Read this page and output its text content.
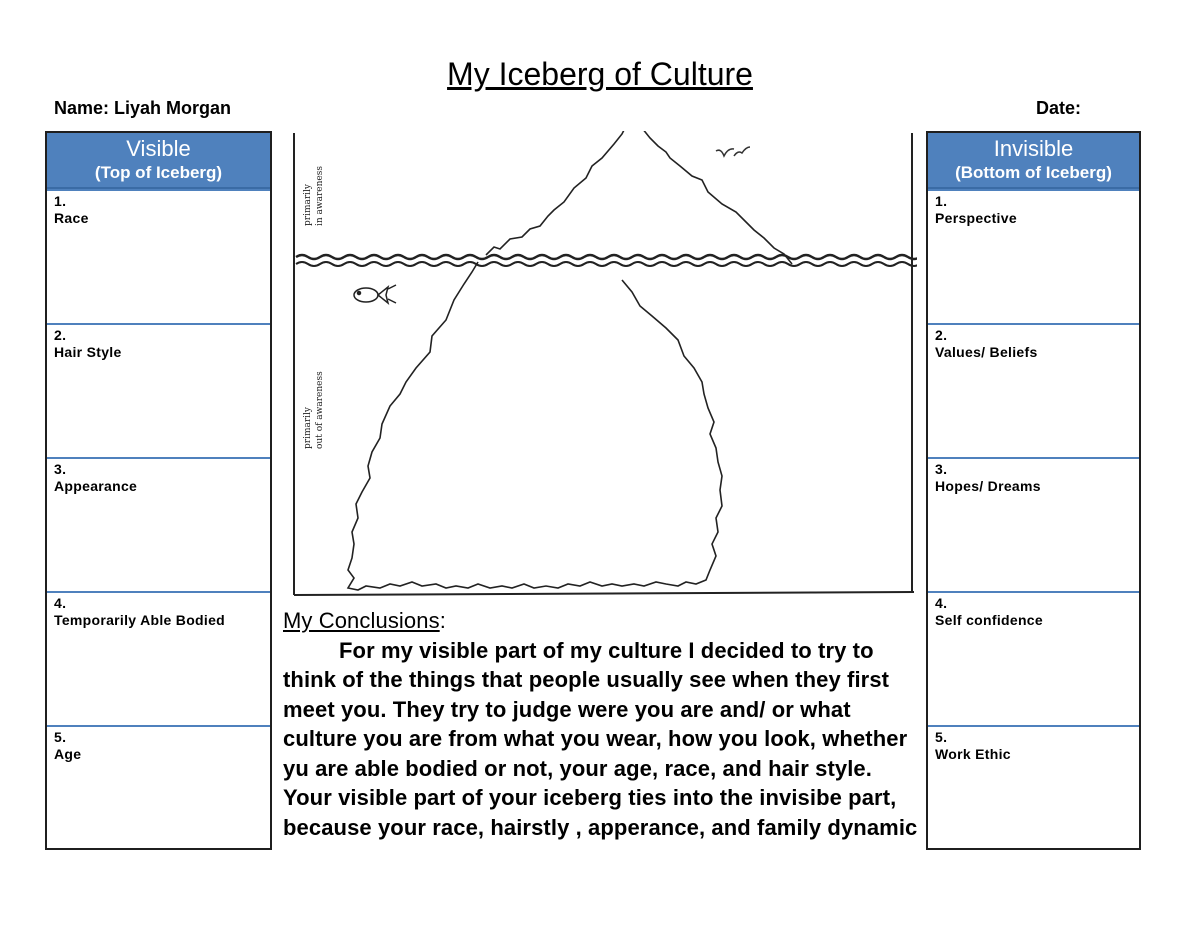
My Iceberg of Culture
Name: Liyah Morgan	Date:
Visible
(Top of Iceberg)
1.
Race
2.
Hair Style
3.
Appearance
4.
Temporarily Able Bodied
5.
Age
Invisible
(Bottom of Iceberg)
1.
Perspective
2.
Values/ Beliefs
3.
Hopes/ Dreams
4.
Self confidence
5.
Work Ethic
primarily in awareness
primarily out of awareness
My Conclusions:
For my visible part of my culture I decided to try to think of the things that people usually see when they first meet you. They try to judge were you are and/ or what culture you are from what you wear, how you look, whether yu are able bodied or not, your age, race, and hair style. Your visible part of your iceberg ties into the invisibe part, because your race, hairstly , apperance, and family dynamic
